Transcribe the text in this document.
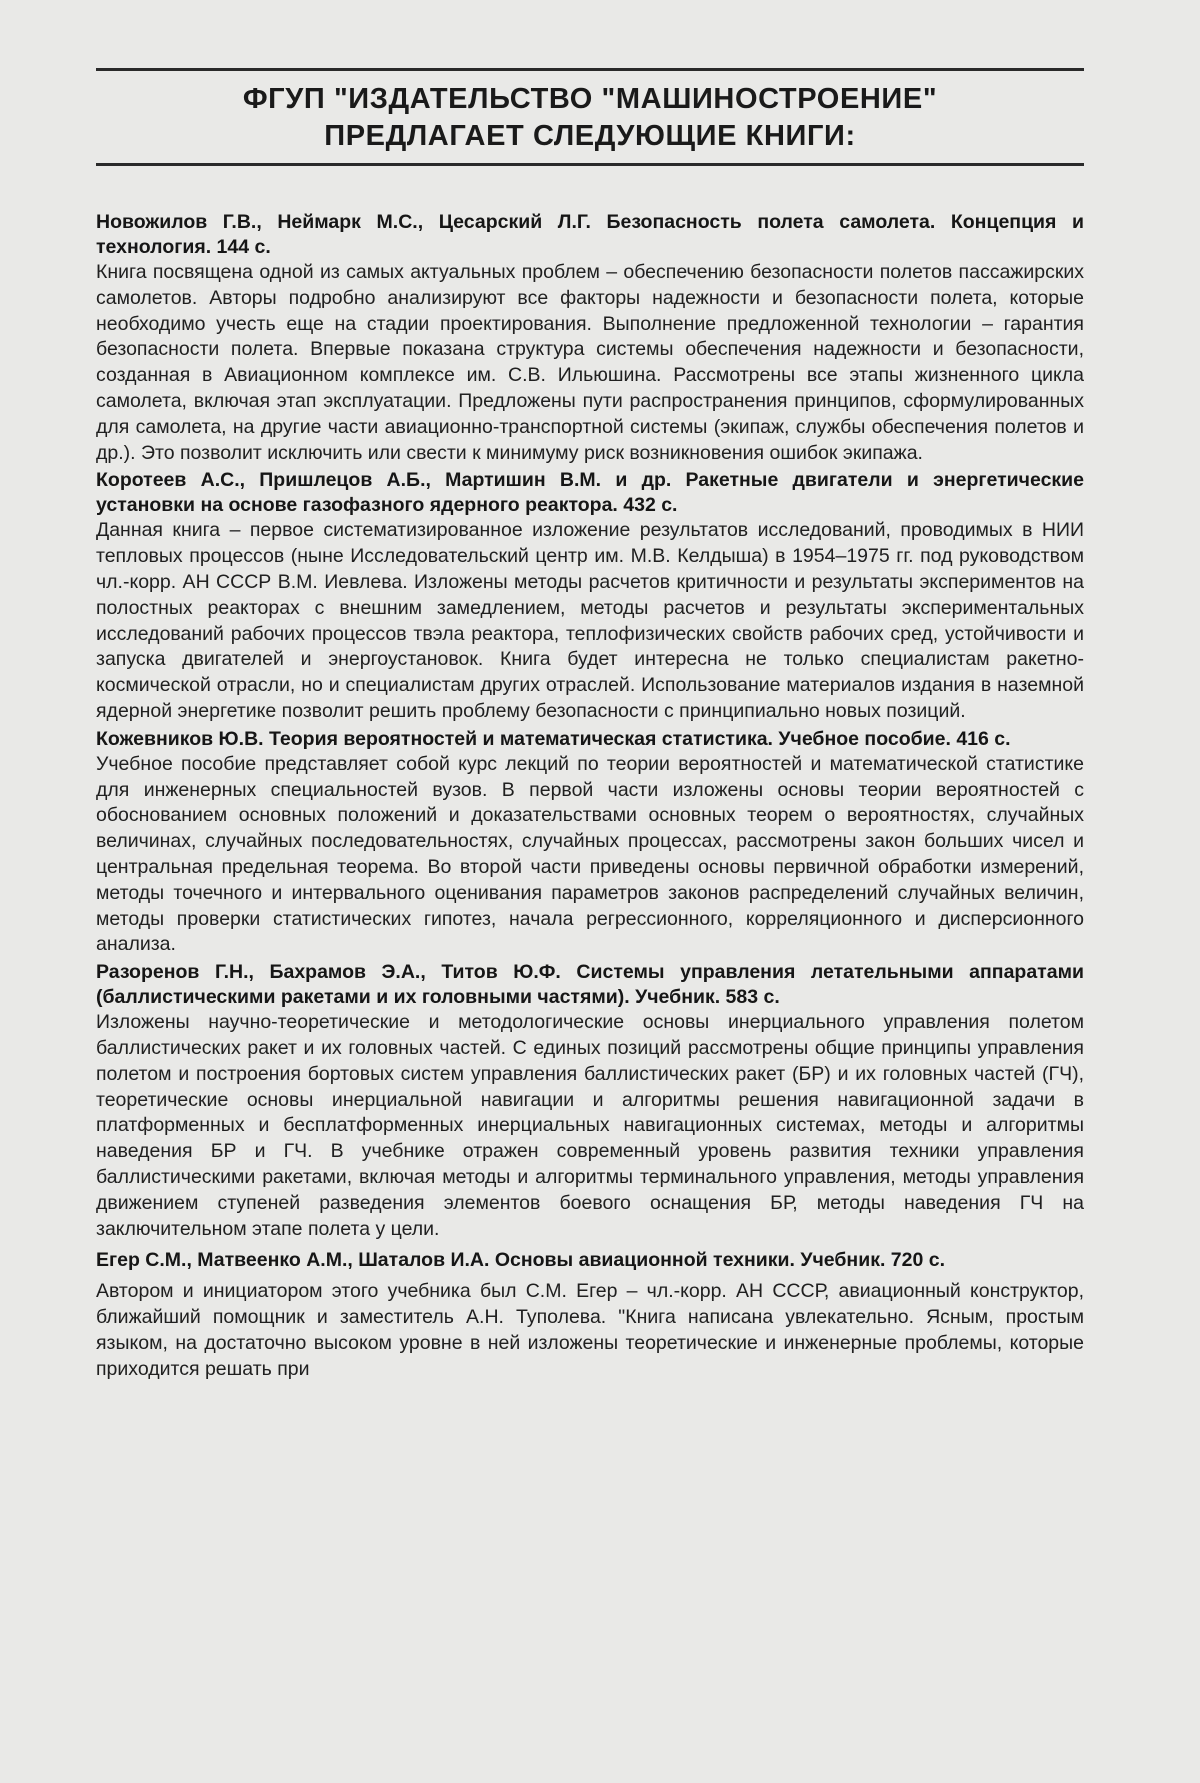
ФГУП "ИЗДАТЕЛЬСТВО "МАШИНОСТРОЕНИЕ"
ПРЕДЛАГАЕТ СЛЕДУЮЩИЕ КНИГИ:
Новожилов Г.В., Неймарк М.С., Цесарский Л.Г. Безопасность полета самолета. Концепция и технология. 144 с.
Книга посвящена одной из самых актуальных проблем – обеспечению безопасности полетов пассажирских самолетов. Авторы подробно анализируют все факторы надежности и безопасности полета, которые необходимо учесть еще на стадии проектирования. Выполнение предложенной технологии – гарантия безопасности полета. Впервые показана структура системы обеспечения надежности и безопасности, созданная в Авиационном комплексе им. С.В. Ильюшина. Рассмотрены все этапы жизненного цикла самолета, включая этап эксплуатации. Предложены пути распространения принципов, сформулированных для самолета, на другие части авиационно-транспортной системы (экипаж, службы обеспечения полетов и др.). Это позволит исключить или свести к минимуму риск возникновения ошибок экипажа.
Коротеев А.С., Пришлецов А.Б., Мартишин В.М. и др. Ракетные двигатели и энергетические установки на основе газофазного ядерного реактора. 432 с.
Данная книга – первое систематизированное изложение результатов исследований, проводимых в НИИ тепловых процессов (ныне Исследовательский центр им. М.В. Келдыша) в 1954–1975 гг. под руководством чл.-корр. АН СССР В.М. Иевлева. Изложены методы расчетов критичности и результаты экспериментов на полостных реакторах с внешним замедлением, методы расчетов и результаты экспериментальных исследований рабочих процессов твэла реактора, теплофизических свойств рабочих сред, устойчивости и запуска двигателей и энергоустановок. Книга будет интересна не только специалистам ракетно-космической отрасли, но и специалистам других отраслей. Использование материалов издания в наземной ядерной энергетике позволит решить проблему безопасности с принципиально новых позиций.
Кожевников Ю.В. Теория вероятностей и математическая статистика. Учебное пособие. 416 с.
Учебное пособие представляет собой курс лекций по теории вероятностей и математической статистике для инженерных специальностей вузов. В первой части изложены основы теории вероятностей с обоснованием основных положений и доказательствами основных теорем о вероятностях, случайных величинах, случайных последовательностях, случайных процессах, рассмотрены закон больших чисел и центральная предельная теорема. Во второй части приведены основы первичной обработки измерений, методы точечного и интервального оценивания параметров законов распределений случайных величин, методы проверки статистических гипотез, начала регрессионного, корреляционного и дисперсионного анализа.
Разоренов Г.Н., Бахрамов Э.А., Титов Ю.Ф. Системы управления летательными аппаратами (баллистическими ракетами и их головными частями). Учебник. 583 с.
Изложены научно-теоретические и методологические основы инерциального управления полетом баллистических ракет и их головных частей. С единых позиций рассмотрены общие принципы управления полетом и построения бортовых систем управления баллистических ракет (БР) и их головных частей (ГЧ), теоретические основы инерциальной навигации и алгоритмы решения навигационной задачи в платформенных и бесплатформенных инерциальных навигационных системах, методы и алгоритмы наведения БР и ГЧ. В учебнике отражен современный уровень развития техники управления баллистическими ракетами, включая методы и алгоритмы терминального управления, методы управления движением ступеней разведения элементов боевого оснащения БР, методы наведения ГЧ на заключительном этапе полета у цели.
Егер С.М., Матвеенко А.М., Шаталов И.А. Основы авиационной техники. Учебник. 720 с.
Автором и инициатором этого учебника был С.М. Егер – чл.-корр. АН СССР, авиационный конструктор, ближайший помощник и заместитель А.Н. Туполева. "Книга написана увлекательно. Ясным, простым языком, на достаточно высоком уровне в ней изложены теоретические и инженерные проблемы, которые приходится решать при
